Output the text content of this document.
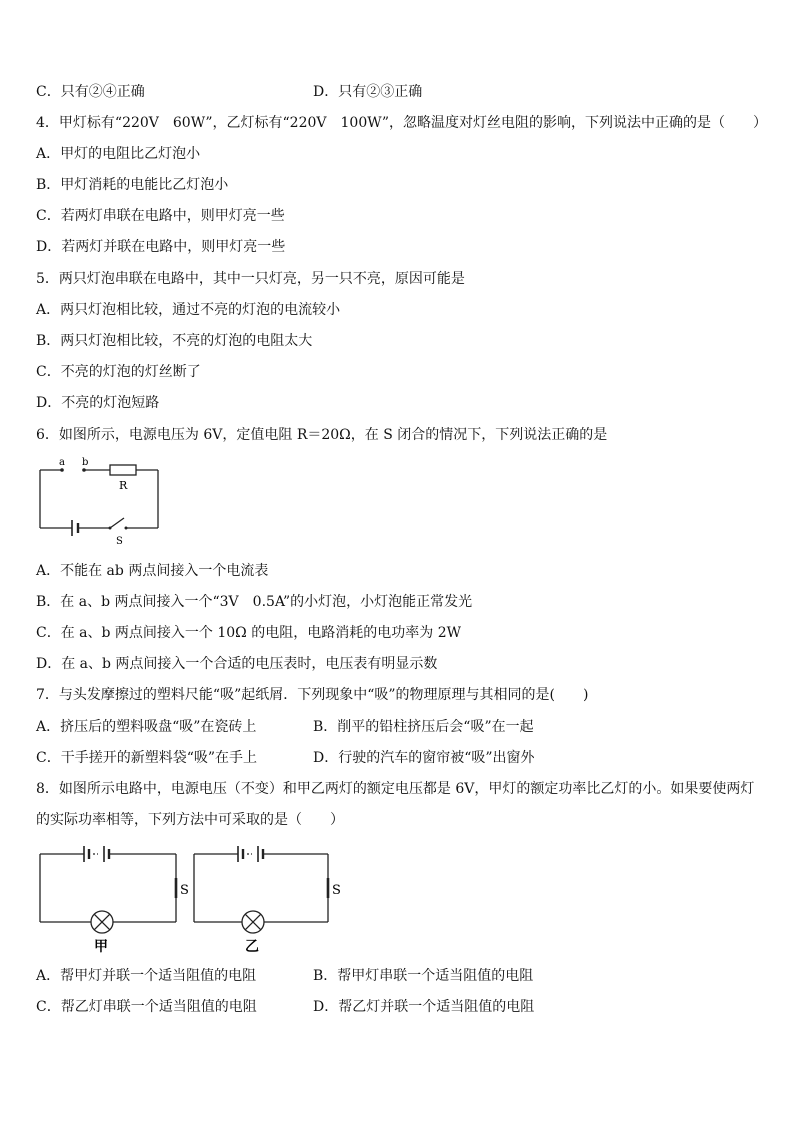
C．只有②④正确	D．只有②③正确
4．甲灯标有“220V　60W”，乙灯标有“220V　100W”，忽略温度对灯丝电阻的影响，下列说法中正确的是（　　）
A．甲灯的电阻比乙灯泡小
B．甲灯消耗的电能比乙灯泡小
C．若两灯串联在电路中，则甲灯亮一些
D．若两灯并联在电路中，则甲灯亮一些
5．两只灯泡串联在电路中，其中一只灯亮，另一只不亮，原因可能是
A．两只灯泡相比较，通过不亮的灯泡的电流较小
B．两只灯泡相比较，不亮的灯泡的电阻太大
C．不亮的灯泡的灯丝断了
D．不亮的灯泡短路
6．如图所示，电源电压为 6V，定值电阻 R＝20Ω，在 S 闭合的情况下，下列说法正确的是
a b
R
S
A．不能在 ab 两点间接入一个电流表
B．在 a、b 两点间接入一个“3V　0.5A”的小灯泡，小灯泡能正常发光
C．在 a、b 两点间接入一个 10Ω 的电阻，电路消耗的电功率为 2W
D．在 a、b 两点间接入一个合适的电压表时，电压表有明显示数
7．与头发摩擦过的塑料尺能“吸”起纸屑．下列现象中“吸”的物理原理与其相同的是(　　)
A．挤压后的塑料吸盘“吸”在瓷砖上	B．削平的铅柱挤压后会“吸”在一起
C．干手搓开的新塑料袋“吸”在手上	D．行驶的汽车的窗帘被“吸”出窗外
8．如图所示电路中，电源电压（不变）和甲乙两灯的额定电压都是 6V，甲灯的额定功率比乙灯的小。如果要使两灯
的实际功率相等，下列方法中可采取的是（　　）
S
甲
S
乙
A．帮甲灯并联一个适当阻值的电阻	B．帮甲灯串联一个适当阻值的电阻
C．帮乙灯串联一个适当阻值的电阻	D．帮乙灯并联一个适当阻值的电阻
